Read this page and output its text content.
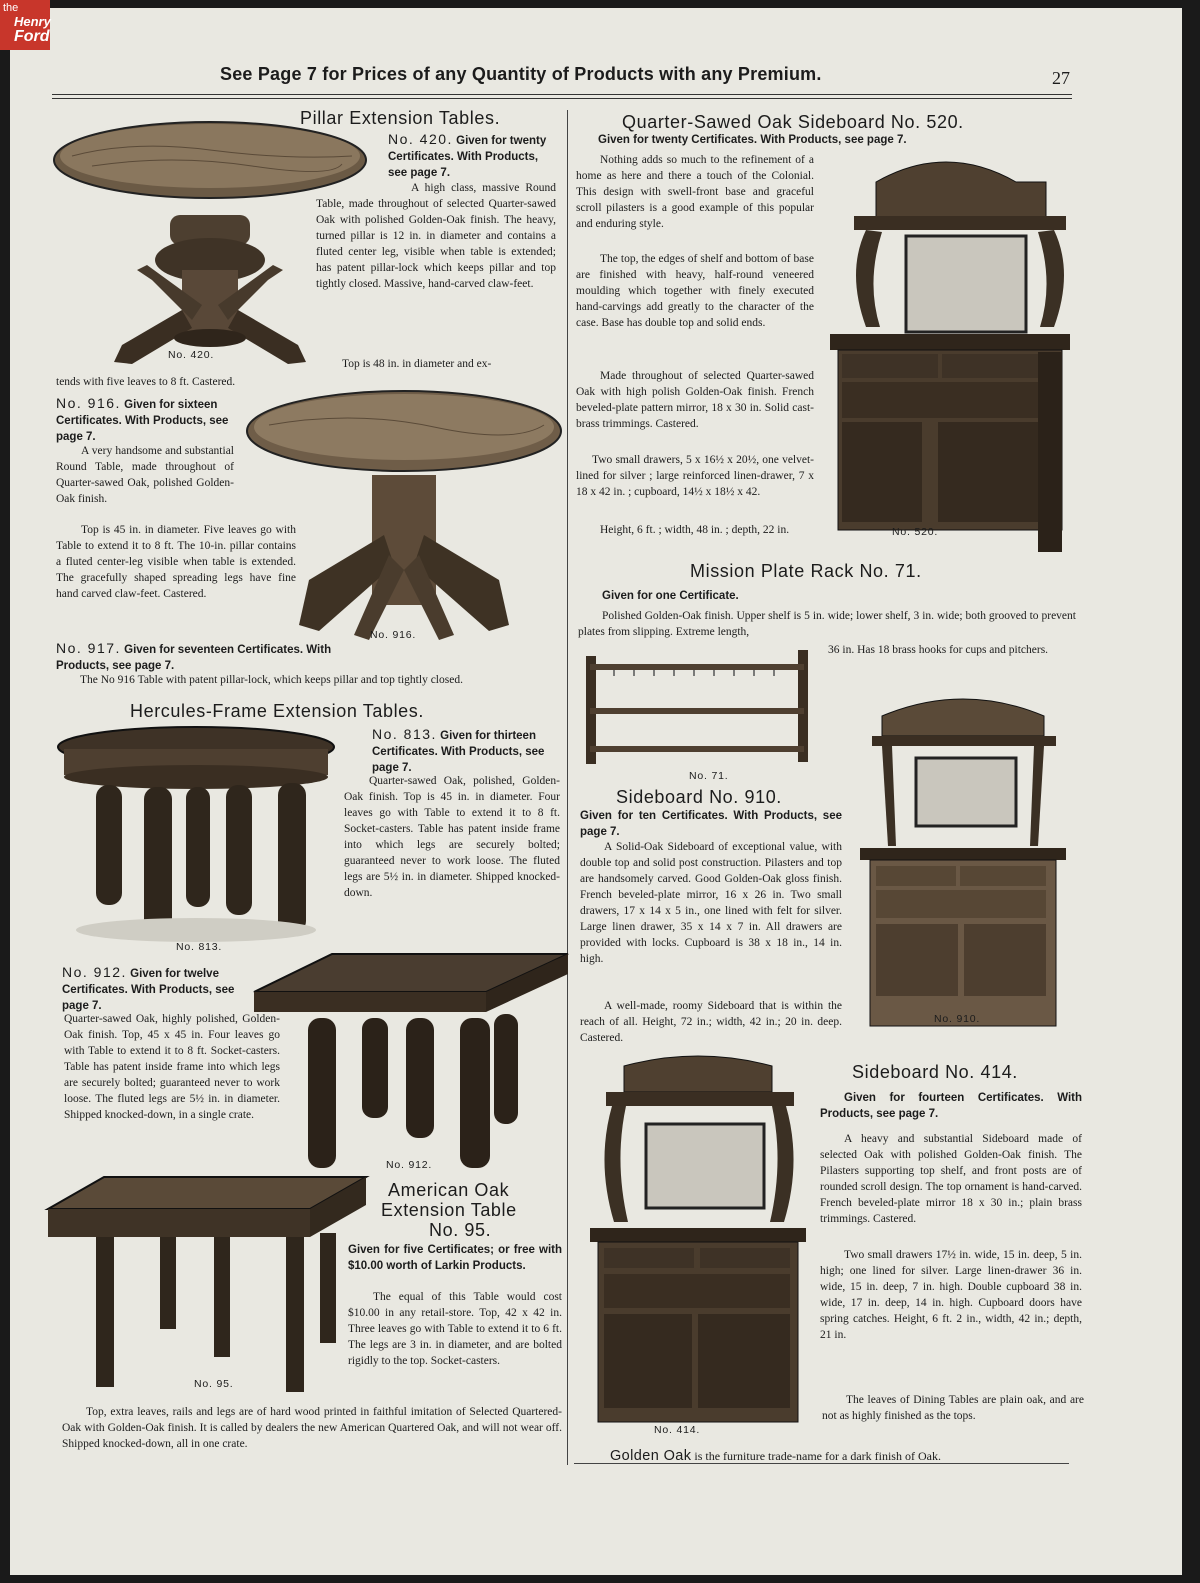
the
Henry
Ford
See Page 7 for Prices of any Quantity of Products with any Premium.	27
Pillar Extension Tables.
No. 420.
No. 420. Given for twenty Certificates. With Products, see page 7.
A high class, massive Round Table, made throughout of selected Quarter-sawed Oak with polished Golden-Oak finish. The heavy, turned pillar is 12 in. in diameter and contains a fluted center leg, visible when table is extended; has patent pillar-lock which keeps pillar and top tightly closed. Massive, hand-carved claw-feet.
Top is 48 in. in diameter and ex-
tends with five leaves to 8 ft. Castered.
No. 916. Given for sixteen Certificates. With Products, see page 7.
A very handsome and substantial Round Table, made throughout of Quarter-sawed Oak, polished Golden-Oak finish.
Top is 45 in. in diameter. Five leaves go with Table to extend it to 8 ft. The 10-in. pillar contains a fluted center-leg visible when table is extended. The gracefully shaped spreading legs have fine hand carved claw-feet. Castered.
No. 916.
No. 917. Given for seventeen Certificates. With Products, see page 7.
The No 916 Table with patent pillar-lock, which keeps pillar and top tightly closed.
Hercules-Frame Extension Tables.
No. 813.
No. 813. Given for thirteen Certificates. With Products, see page 7.
Quarter-sawed Oak, polished, Golden-Oak finish. Top is 45 in. in diameter. Four leaves go with Table to extend it to 8 ft. Socket-casters. Table has patent inside frame into which legs are securely bolted; guaranteed never to work loose. The fluted legs are 5½ in. in diameter. Shipped knocked-down.
No. 912. Given for twelve Certificates. With Products, see page 7.
Quarter-sawed Oak, highly polished, Golden-Oak finish. Top, 45 x 45 in. Four leaves go with Table to extend it to 8 ft. Socket-casters. Table has patent inside frame into which legs are securely bolted; guaranteed never to work loose. The fluted legs are 5½ in. in diameter. Shipped knocked-down, in a single crate.
No. 912.
No. 95.
American Oak
Extension Table
No. 95.
Given for five Certificates; or free with $10.00 worth of Larkin Products.
The equal of this Table would cost $10.00 in any retail-store. Top, 42 x 42 in. Three leaves go with Table to extend it to 6 ft. The legs are 3 in. in diameter, and are bolted rigidly to the top. Socket-casters.
Top, extra leaves, rails and legs are of hard wood printed in faithful imitation of Selected Quartered-Oak with Golden-Oak finish. It is called by dealers the new American Quartered Oak, and will not wear off. Shipped knocked-down, all in one crate.
Quarter-Sawed Oak Sideboard No. 520.
Given for twenty Certificates. With Products, see page 7.
Nothing adds so much to the refinement of a home as here and there a touch of the Colonial. This design with swell-front base and graceful scroll pilasters is a good example of this popular and enduring style.
The top, the edges of shelf and bottom of base are finished with heavy, half-round veneered moulding which together with finely executed hand-carvings add greatly to the character of the case. Base has double top and solid ends.
Made throughout of selected Quarter-sawed Oak with high polish Golden-Oak finish. French beveled-plate pattern mirror, 18 x 30 in. Solid cast-brass trimmings. Castered.
Two small drawers, 5 x 16½ x 20½, one velvet-lined for silver ; large reinforced linen-drawer, 7 x 18 x 42 in. ; cupboard, 14½ x 18½ x 42.
Height, 6 ft. ; width, 48 in. ; depth, 22 in.	No. 520.
Mission Plate Rack No. 71.
Given for one Certificate.
Polished Golden-Oak finish. Upper shelf is 5 in. wide; lower shelf, 3 in. wide; both grooved to prevent plates from slipping. Extreme length,
36 in. Has 18 brass hooks for cups and pitchers.
No. 71.
Sideboard No. 910.
Given for ten Certificates. With Products, see page 7.
A Solid-Oak Sideboard of exceptional value, with double top and solid post construction. Pilasters and top are handsomely carved. Good Golden-Oak gloss finish. French beveled-plate mirror, 16 x 26 in. Two small drawers, 17 x 14 x 5 in., one lined with felt for silver. Large linen drawer, 35 x 14 x 7 in. All drawers are provided with locks. Cupboard is 38 x 18 in., 14 in. high.
A well-made, roomy Sideboard that is within the reach of all. Height, 72 in.; width, 42 in.; 20 in. deep. Castered.
No. 910.
Sideboard No. 414.
Given for fourteen Certificates. With Products, see page 7.
A heavy and substantial Sideboard made of selected Oak with polished Golden-Oak finish. The Pilasters supporting top shelf, and front posts are of rounded scroll design. The top ornament is hand-carved. French beveled-plate mirror 18 x 30 in.; plain brass trimmings. Castered.
Two small drawers 17½ in. wide, 15 in. deep, 5 in. high; one lined for silver. Large linen-drawer 36 in. wide, 15 in. deep, 7 in. high. Double cupboard 38 in. wide, 17 in. deep, 14 in. high. Cupboard doors have spring catches. Height, 6 ft. 2 in., width, 42 in.; depth, 21 in.
The leaves of Dining Tables are plain oak, and are not as highly finished as the tops.
No. 414.
Golden Oak is the furniture trade-name for a dark finish of Oak.
